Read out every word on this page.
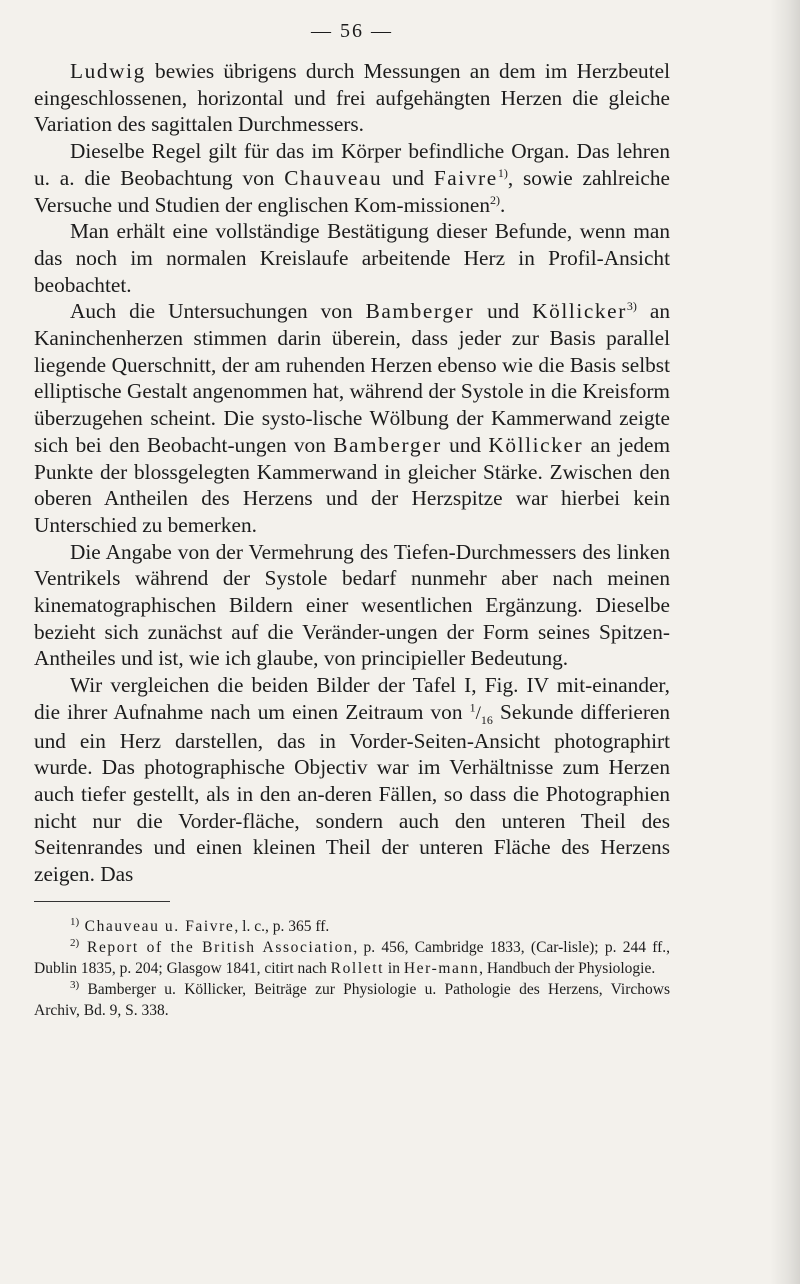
— 56 —

Ludwig bewies übrigens durch Messungen an dem im Herzbeutel eingeschlossenen, horizontal und frei aufgehängten Herzen die gleiche Variation des sagittalen Durchmessers.

Dieselbe Regel gilt für das im Körper befindliche Organ. Das lehren u. a. die Beobachtung von Chauveau und Faivre$^{1)}$, sowie zahlreiche Versuche und Studien der englischen Kom-missionen$^{2)}$.

Man erhält eine vollständige Bestätigung dieser Befunde, wenn man das noch im normalen Kreislaufe arbeitende Herz in Profil-Ansicht beobachtet.

Auch die Untersuchungen von Bamberger und Köllicker$^{3)}$ an Kaninchenherzen stimmen darin überein, dass jeder zur Basis parallel liegende Querschnitt, der am ruhenden Herzen ebenso wie die Basis selbst elliptische Gestalt angenommen hat, während der Systole in die Kreisform überzugehen scheint. Die systo-lische Wölbung der Kammerwand zeigte sich bei den Beobacht-ungen von Bamberger und Köllicker an jedem Punkte der blossgelegten Kammerwand in gleicher Stärke. Zwischen den oberen Antheilen des Herzens und der Herzspitze war hierbei kein Unterschied zu bemerken.

Die Angabe von der Vermehrung des Tiefen-Durchmessers des linken Ventrikels während der Systole bedarf nunmehr aber nach meinen kinematographischen Bildern einer wesentlichen Ergänzung. Dieselbe bezieht sich zunächst auf die Veränder-ungen der Form seines Spitzen-Antheiles und ist, wie ich glaube, von principieller Bedeutung.

Wir vergleichen die beiden Bilder der Tafel I, Fig. IV mit-einander, die ihrer Aufnahme nach um einen Zeitraum von $^1/_{16}$ Sekunde differieren und ein Herz darstellen, das in Vorder-Seiten-Ansicht photographirt wurde. Das photographische Objectiv war im Verhältnisse zum Herzen auch tiefer gestellt, als in den an-deren Fällen, so dass die Photographien nicht nur die Vorder-fläche, sondern auch den unteren Theil des Seitenrandes und einen kleinen Theil der unteren Fläche des Herzens zeigen. Das

$^{1)}$ Chauveau u. Faivre, l. c., p. 365 ff.

$^{2)}$ Report of the British Association, p. 456, Cambridge 1833, (Car-lisle); p. 244 ff., Dublin 1835, p. 204; Glasgow 1841, citirt nach Rollett in Her-mann, Handbuch der Physiologie.

$^{3)}$ Bamberger u. Köllicker, Beiträge zur Physiologie u. Pathologie des Herzens, Virchows Archiv, Bd. 9, S. 338.
